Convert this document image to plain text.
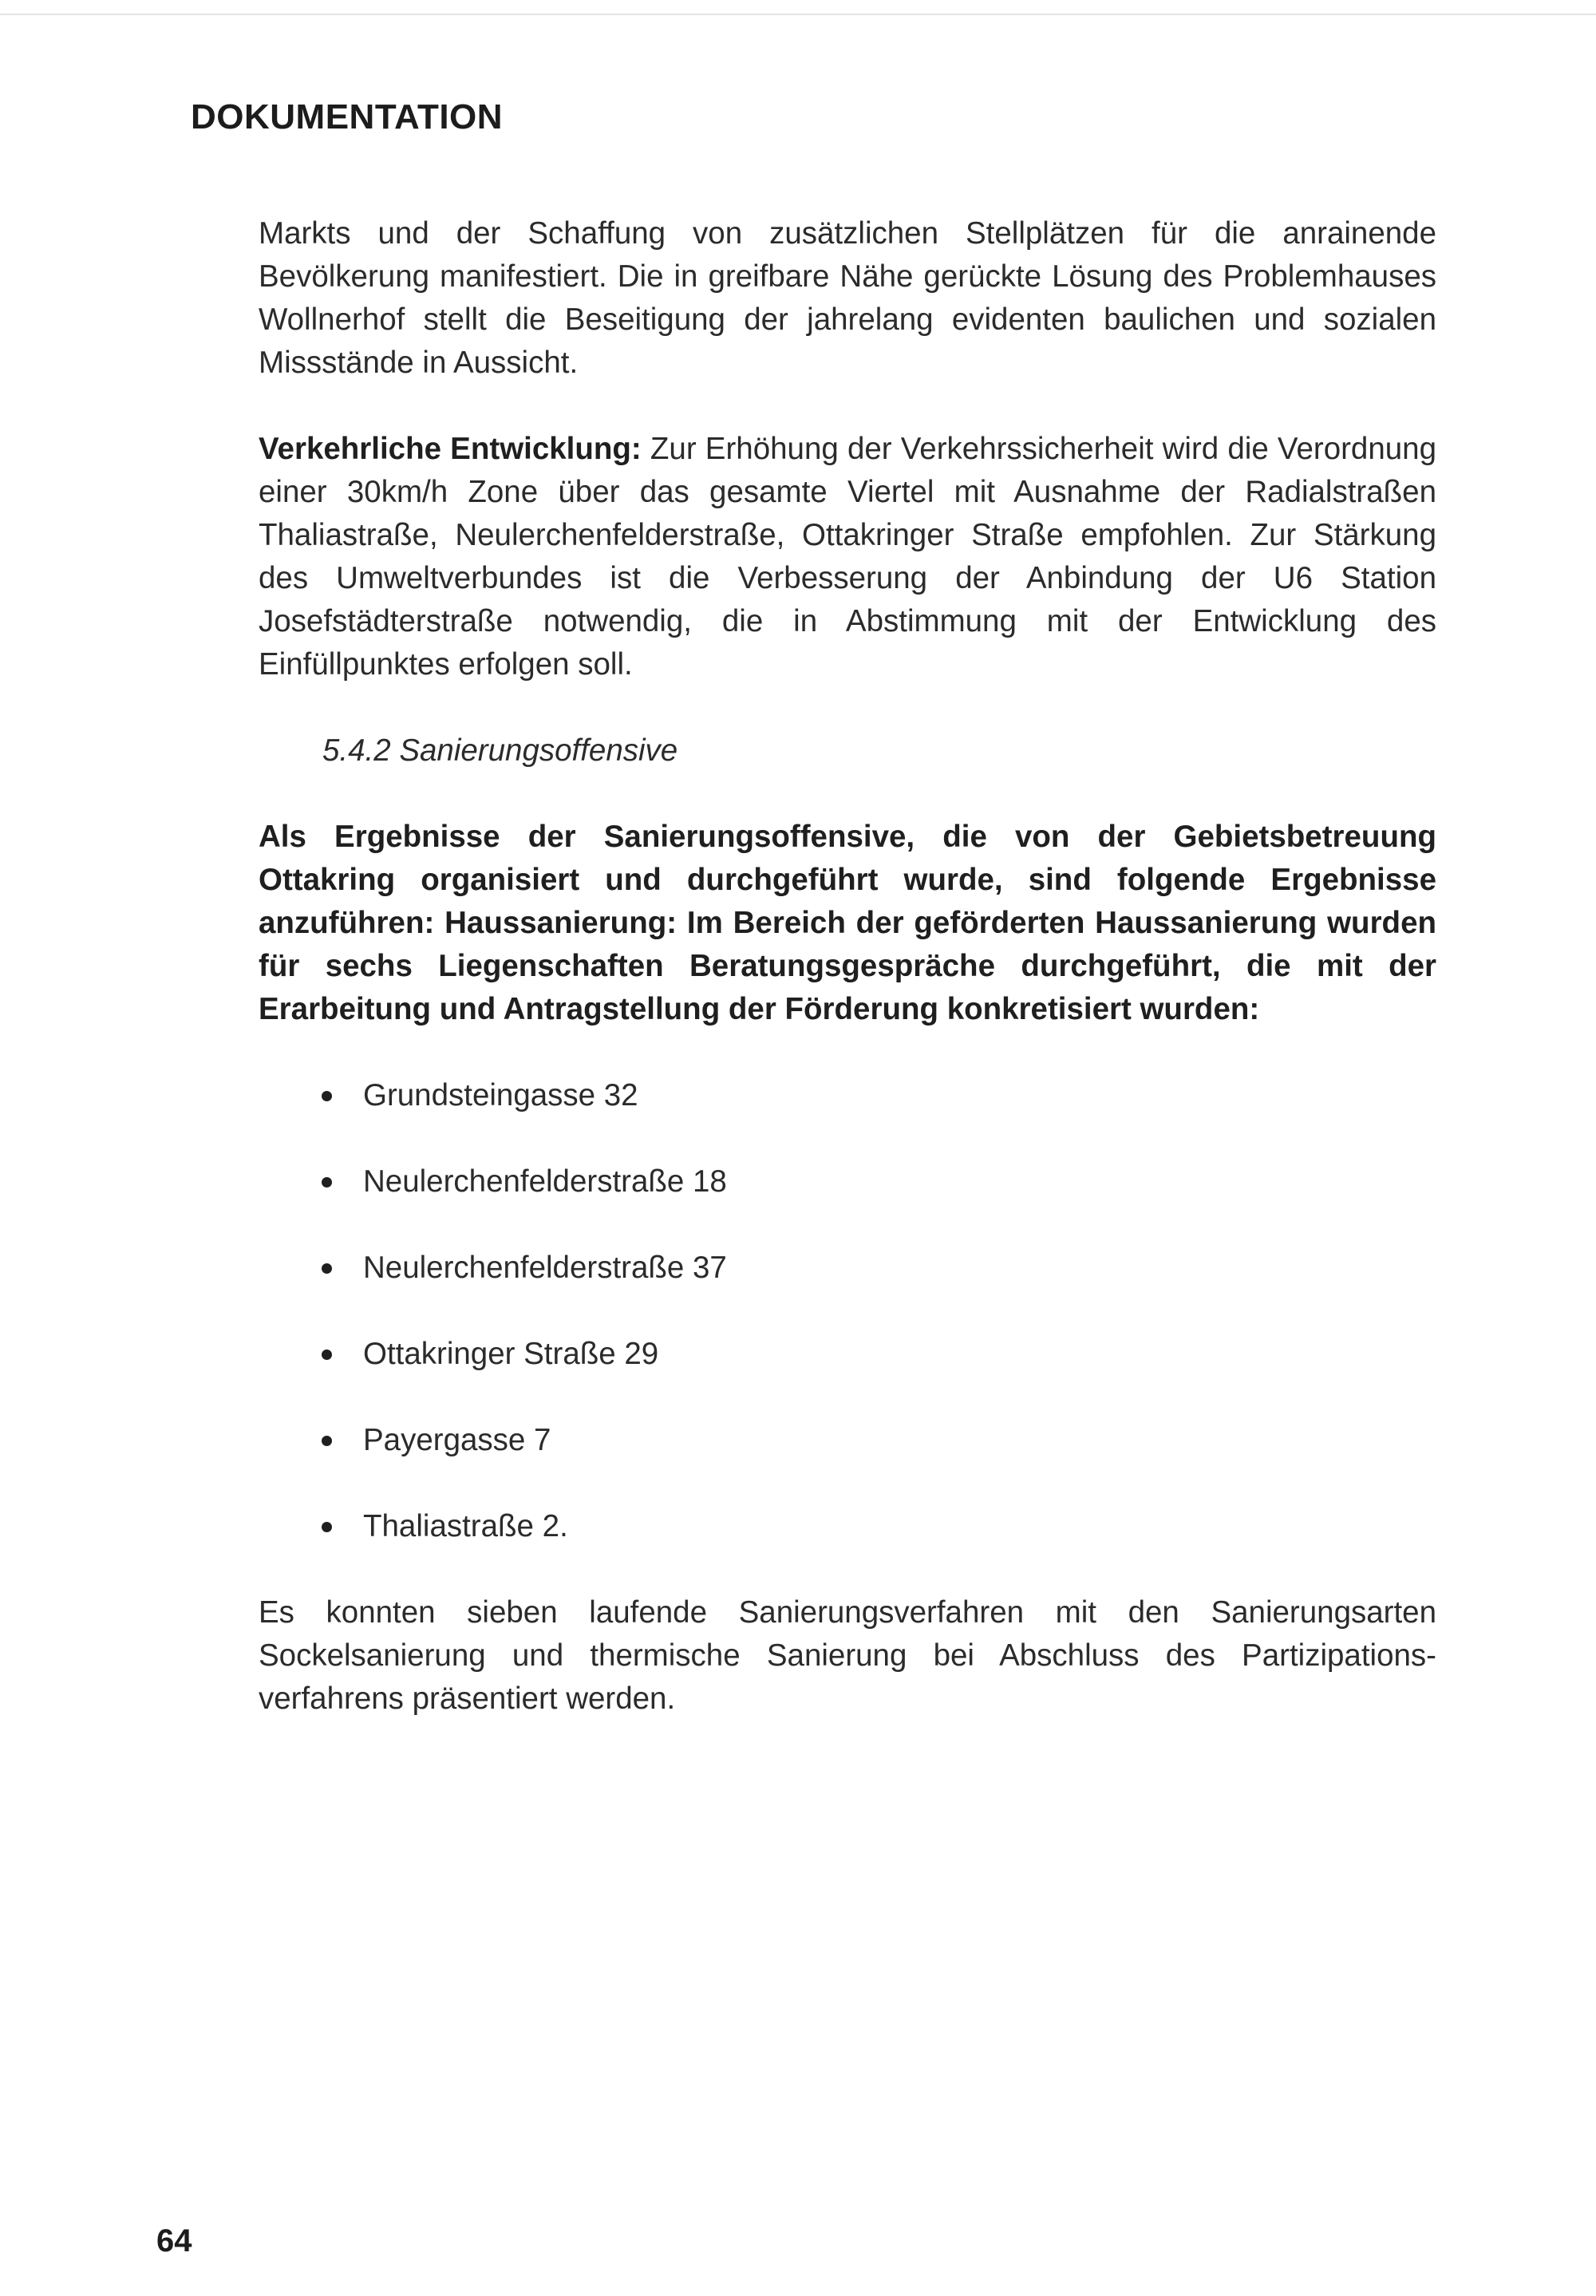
DOKUMENTATION

Markts und der Schaffung von zusätzlichen Stellplätzen für die anrainende Bevölkerung manifestiert. Die in greifbare Nähe gerückte Lösung des Problemhauses Wollnerhof stellt die Beseitigung der jahrelang evidenten baulichen und sozialen Missstände in Aussicht.

Verkehrliche Entwicklung: Zur Erhöhung der Verkehrssicherheit wird die Verordnung einer 30km/h Zone über das gesamte Viertel mit Ausnahme der Radialstraßen Thaliastraße, Neulerchenfelderstraße, Ottakringer Straße empfohlen. Zur Stärkung des Umweltverbundes ist die Verbesserung der Anbindung der U6 Station Josefstädterstraße notwendig, die in Abstimmung mit der Entwicklung des Einfüllpunktes erfolgen soll.

5.4.2 Sanierungsoffensive

Als Ergebnisse der Sanierungsoffensive, die von der Gebietsbetreuung Ottakring organisiert und durchgeführt wurde, sind folgende Ergebnisse anzuführen: Haussanierung: Im Bereich der geförderten Haussanierung wurden für sechs Liegenschaften Beratungsgespräche durchgeführt, die mit der Erarbeitung und Antragstellung der Förderung konkretisiert wurden:

Grundsteingasse 32
Neulerchenfelderstraße 18
Neulerchenfelderstraße 37
Ottakringer Straße 29
Payergasse 7
Thaliastraße 2.

Es konnten sieben laufende Sanierungsverfahren mit den Sanierungsarten Sockelsanierung und thermische Sanierung bei Abschluss des Partizipations-verfahrens präsentiert werden.

64
